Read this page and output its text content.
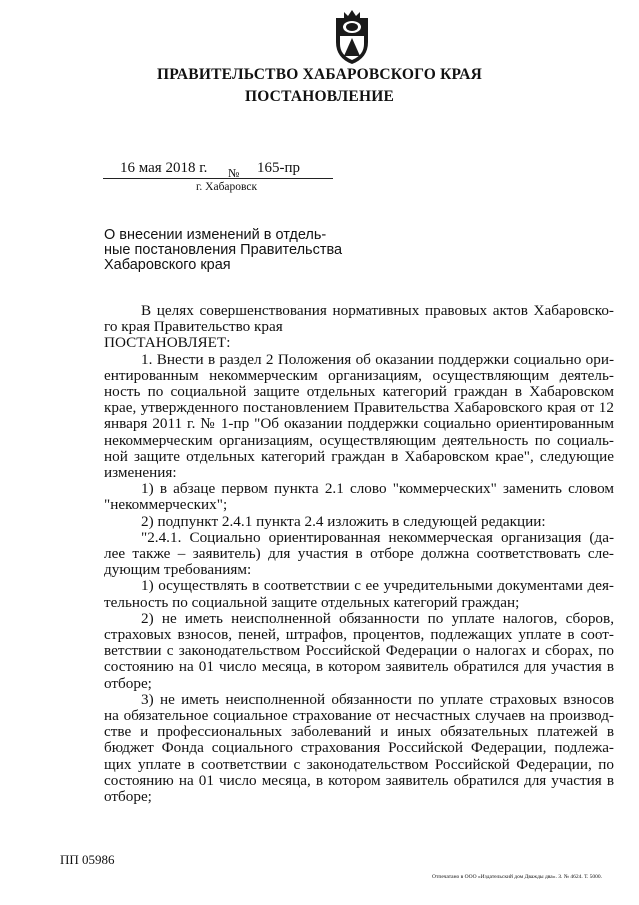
ПРАВИТЕЛЬСТВО ХАБАРОВСКОГО КРАЯ
ПОСТАНОВЛЕНИЕ
16 мая 2018 г. № 165-пр
г. Хабаровск
О внесении изменений в отдель-
ные постановления Правительства
Хабаровского края
В целях совершенствования нормативных правовых актов Хабаровско-
го края Правительство края
ПОСТАНОВЛЯЕТ:
1. Внести в раздел 2 Положения об оказании поддержки социально ори-
ентированным некоммерческим организациям, осуществляющим деятель-
ность по социальной защите отдельных категорий граждан в Хабаровском
крае, утвержденного постановлением Правительства Хабаровского края от 12
января 2011 г. № 1-пр "Об оказании поддержки социально ориентированным
некоммерческим организациям, осуществляющим деятельность по социаль-
ной защите отдельных категорий граждан в Хабаровском крае", следующие
изменения:
1) в абзаце первом пункта 2.1 слово "коммерческих" заменить словом
"некоммерческих";
2) подпункт 2.4.1 пункта 2.4 изложить в следующей редакции:
"2.4.1. Социально ориентированная некоммерческая организация (да-
лее также – заявитель) для участия в отборе должна соответствовать сле-
дующим требованиям:
1) осуществлять в соответствии с ее учредительными документами дея-
тельность по социальной защите отдельных категорий граждан;
2) не иметь неисполненной обязанности по уплате налогов, сборов,
страховых взносов, пеней, штрафов, процентов, подлежащих уплате в соот-
ветствии с законодательством Российской Федерации о налогах и сборах, по
состоянию на 01 число месяца, в котором заявитель обратился для участия в
отборе;
3) не иметь неисполненной обязанности по уплате страховых взносов
на обязательное социальное страхование от несчастных случаев на производ-
стве и профессиональных заболеваний и иных обязательных платежей в
бюджет Фонда социального страхования Российской Федерации, подлежа-
щих уплате в соответствии с законодательством Российской Федерации, по
состоянию на 01 число месяца, в котором заявитель обратился для участия в
отборе;
ПП 05986
Отпечатано в ООО «Издательский дом Дважды два». З. № 4624. Т. 5000.
